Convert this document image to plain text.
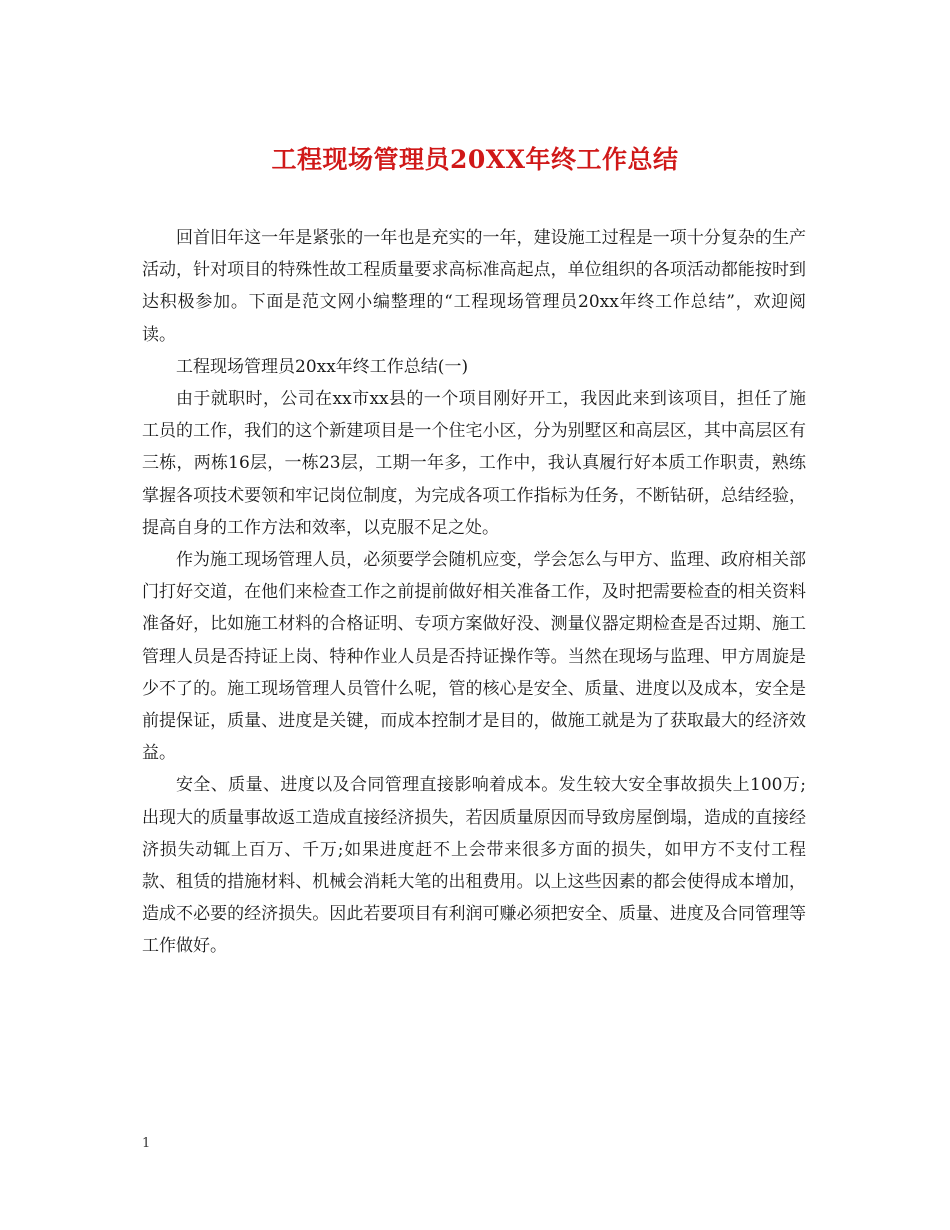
工程现场管理员20XX年终工作总结

回首旧年这一年是紧张的一年也是充实的一年，建设施工过程是一项十分复杂的生产活动，针对项目的特殊性故工程质量要求高标准高起点，单位组织的各项活动都能按时到达积极参加。下面是范文网小编整理的“工程现场管理员20xx年终工作总结”，欢迎阅读。

工程现场管理员20xx年终工作总结(一)

由于就职时，公司在xx市xx县的一个项目刚好开工，我因此来到该项目，担任了施工员的工作，我们的这个新建项目是一个住宅小区，分为别墅区和高层区，其中高层区有三栋，两栋16层，一栋23层，工期一年多，工作中，我认真履行好本质工作职责，熟练掌握各项技术要领和牢记岗位制度，为完成各项工作指标为任务，不断钻研，总结经验，提高自身的工作方法和效率，以克服不足之处。

作为施工现场管理人员，必须要学会随机应变，学会怎么与甲方、监理、政府相关部门打好交道，在他们来检查工作之前提前做好相关准备工作，及时把需要检查的相关资料准备好，比如施工材料的合格证明、专项方案做好没、测量仪器定期检查是否过期、施工管理人员是否持证上岗、特种作业人员是否持证操作等。当然在现场与监理、甲方周旋是少不了的。施工现场管理人员管什么呢，管的核心是安全、质量、进度以及成本，安全是前提保证，质量、进度是关键，而成本控制才是目的，做施工就是为了获取最大的经济效益。

安全、质量、进度以及合同管理直接影响着成本。发生较大安全事故损失上100万;出现大的质量事故返工造成直接经济损失，若因质量原因而导致房屋倒塌，造成的直接经济损失动辄上百万、千万;如果进度赶不上会带来很多方面的损失，如甲方不支付工程款、租赁的措施材料、机械会消耗大笔的出租费用。以上这些因素的都会使得成本增加，造成不必要的经济损失。因此若要项目有利润可赚必须把安全、质量、进度及合同管理等工作做好。

1
